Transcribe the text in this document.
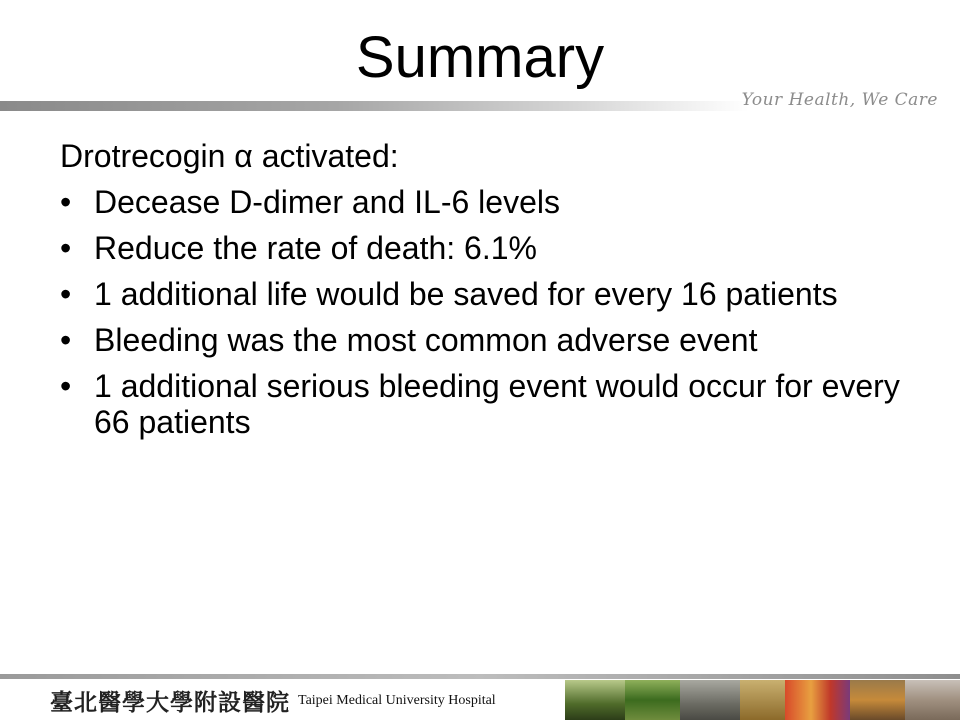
Summary
Your Health, We Care
Drotrecogin α activated:
• Decease D-dimer and IL-6 levels
• Reduce the rate of death: 6.1%
• 1 additional life would be saved for every 16 patients
• Bleeding was the most common adverse event
• 1 additional serious bleeding event would occur for every 66 patients
臺北醫學大學附設醫院 Taipei Medical University Hospital
